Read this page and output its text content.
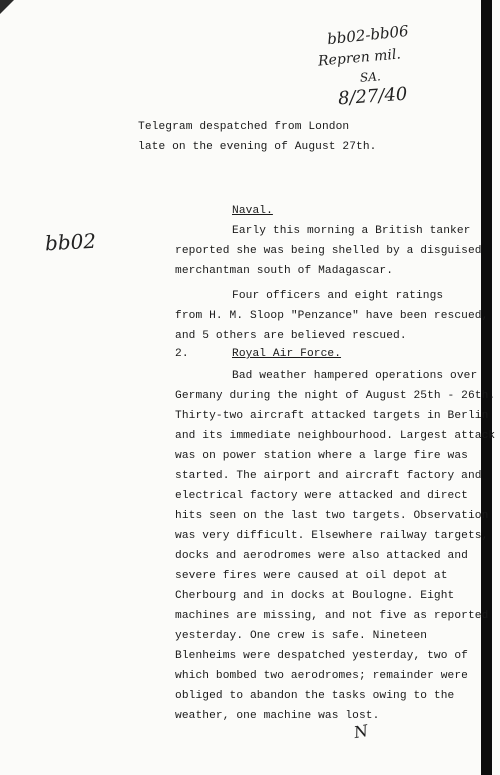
bb02-bb06
Repren mil.
SA.
8/27/40
bb02
N
Telegram despatched from London
late on the evening of August 27th.
Naval.
Early this morning a British tanker
reported she was being shelled by a disguised
merchantman south of Madagascar.
Four officers and eight ratings
from H. M. Sloop "Penzance" have been rescued,
and 5 others are believed rescued.
2.	Royal Air Force.
Bad weather hampered operations over
Germany during the night of August 25th - 26th.
Thirty-two aircraft attacked targets in Berlin
and its immediate neighbourhood. Largest attack
was on power station where a large fire was
started. The airport and aircraft factory and
electrical factory were attacked and direct
hits seen on the last two targets. Observation
was very difficult. Elsewhere railway targets,
docks and aerodromes were also attacked and
severe fires were caused at oil depot at
Cherbourg and in docks at Boulogne. Eight
machines are missing, and not five as reported
yesterday. One crew is safe. Nineteen
Blenheims were despatched yesterday, two of
which bombed two aerodromes; remainder were
obliged to abandon the tasks owing to the
weather, one machine was lost.
